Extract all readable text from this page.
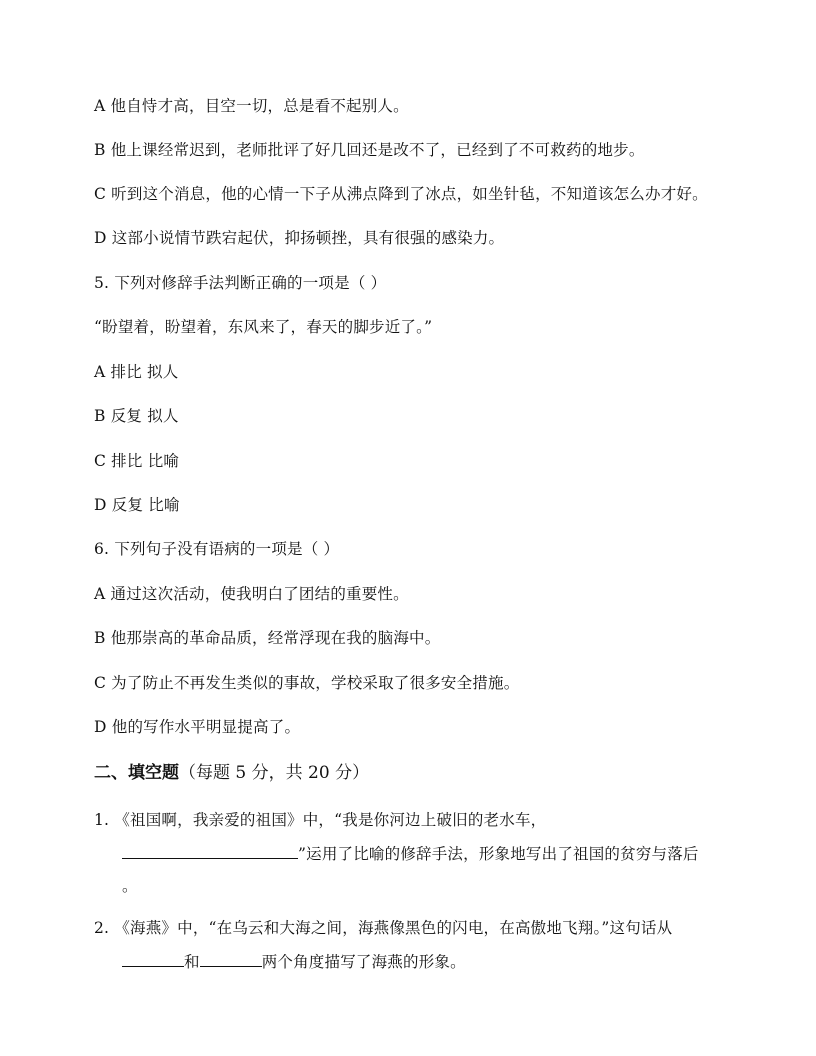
A 他自恃才高，目空一切，总是看不起别人。
B 他上课经常迟到，老师批评了好几回还是改不了，已经到了不可救药的地步。
C 听到这个消息，他的心情一下子从沸点降到了冰点，如坐针毡，不知道该怎么办才好。
D 这部小说情节跌宕起伏，抑扬顿挫，具有很强的感染力。
5. 下列对修辞手法判断正确的一项是（ ）
“盼望着，盼望着，东风来了，春天的脚步近了。”
A 排比 拟人
B 反复 拟人
C 排比 比喻
D 反复 比喻
6. 下列句子没有语病的一项是（ ）
A 通过这次活动，使我明白了团结的重要性。
B 他那崇高的革命品质，经常浮现在我的脑海中。
C 为了防止不再发生类似的事故，学校采取了很多安全措施。
D 他的写作水平明显提高了。
二、填空题（每题 5 分，共 20 分）
1. 《祖国啊，我亲爱的祖国》中，“我是你河边上破旧的老水车，
”运用了比喻的修辞手法，形象地写出了祖国的贫穷与落后
。
2. 《海燕》中，“在乌云和大海之间，海燕像黑色的闪电，在高傲地飞翔。”这句话从
和	两个角度描写了海燕的形象。
